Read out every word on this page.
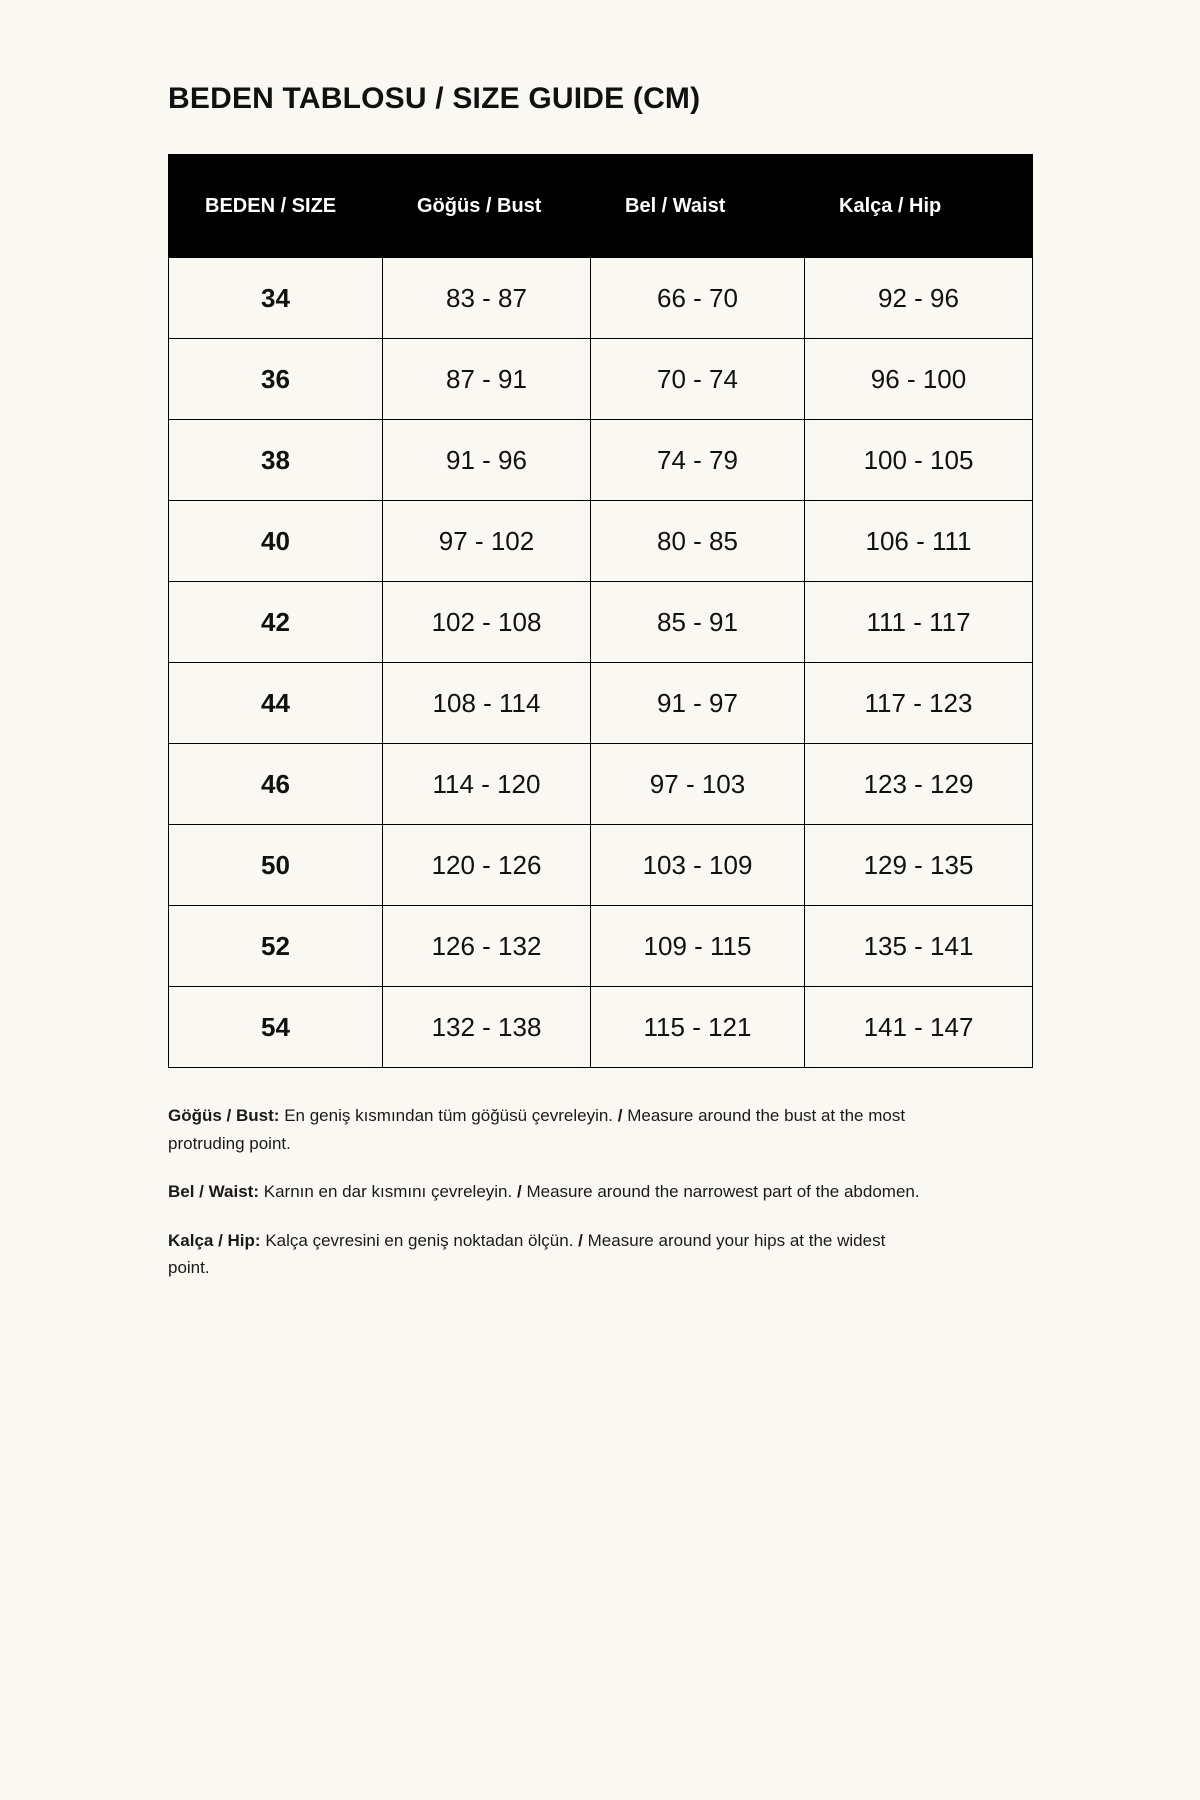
BEDEN TABLOSU / SIZE GUIDE (CM)
BEDEN / SIZE	Göğüs / Bust	Bel / Waist	Kalça / Hip
34	83 - 87	66 - 70	92 - 96
36	87 - 91	70 - 74	96 - 100
38	91 - 96	74 - 79	100 - 105
40	97 - 102	80 - 85	106 - 111
42	102 - 108	85 - 91	111 - 117
44	108 - 114	91 - 97	117 - 123
46	114 - 120	97 - 103	123 - 129
50	120 - 126	103 - 109	129 - 135
52	126 - 132	109 - 115	135 - 141
54	132 - 138	115 - 121	141 - 147

Göğüs / Bust: En geniş kısmından tüm göğüsü çevreleyin. / Measure around the bust at the most protruding point.

Bel / Waist: Karnın en dar kısmını çevreleyin. / Measure around the narrowest part of the abdomen.

Kalça / Hip: Kalça çevresini en geniş noktadan ölçün. / Measure around your hips at the widest point.
